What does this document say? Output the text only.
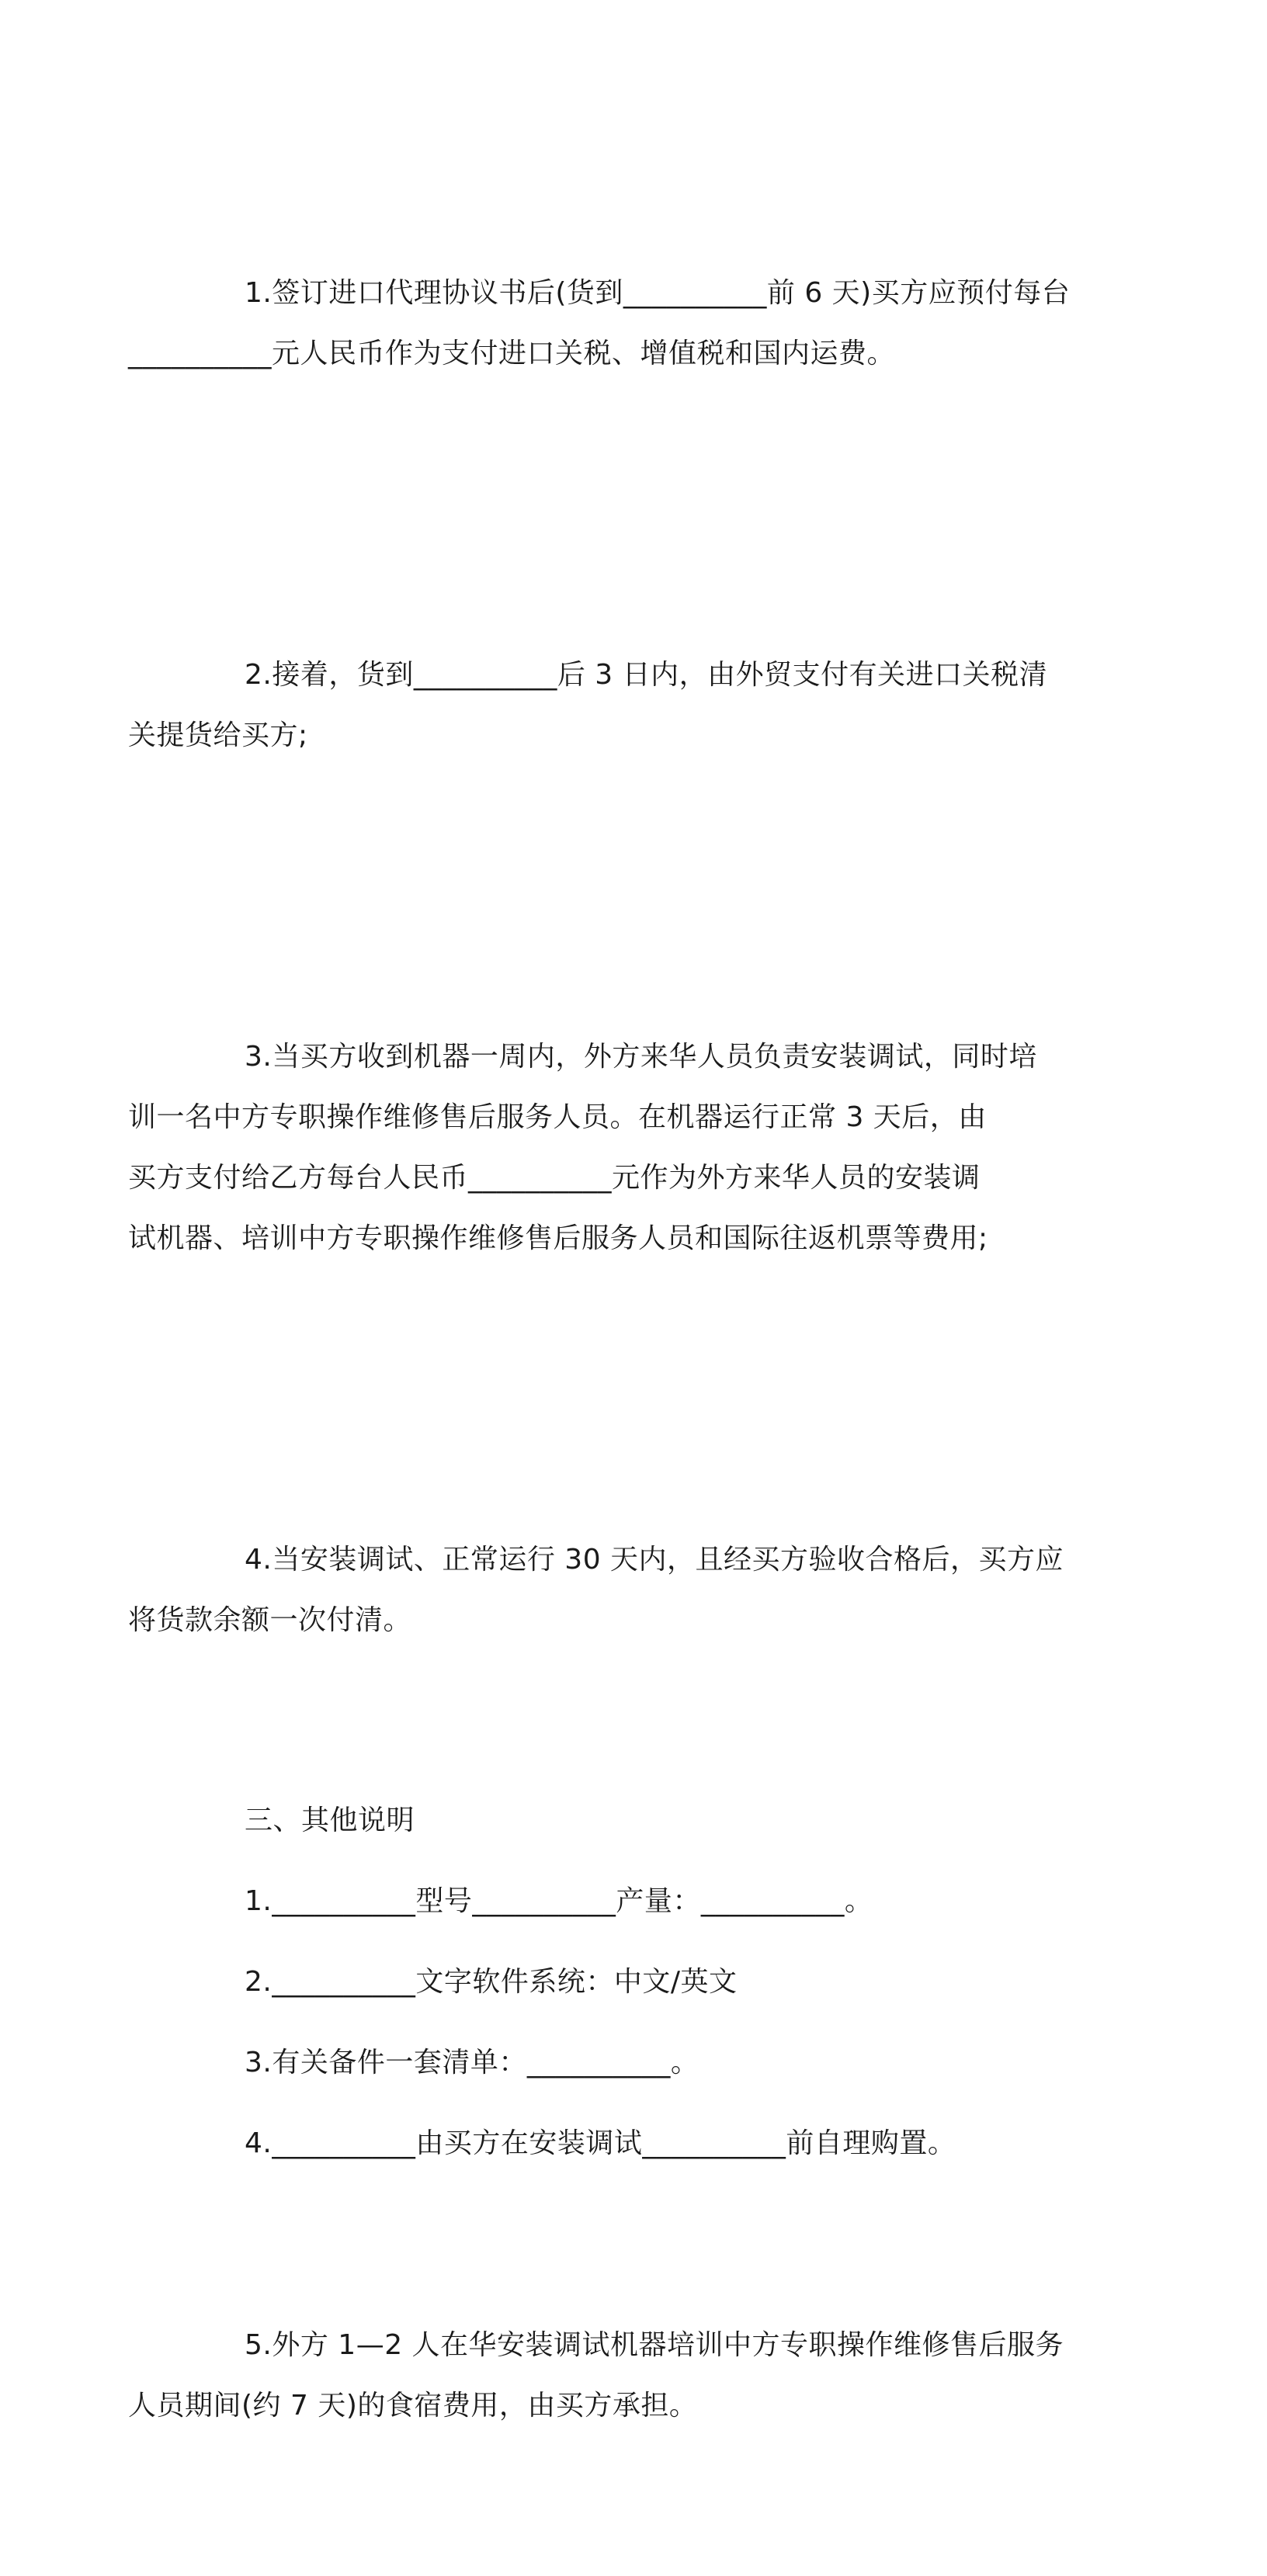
1.签订进口代理协议书后(货到__________前 6 天)买方应预付每台
__________元人民币作为支付进口关税、增值税和国内运费。

2.接着，货到__________后 3 日内，由外贸支付有关进口关税清
关提货给买方;

3.当买方收到机器一周内，外方来华人员负责安装调试，同时培
训一名中方专职操作维修售后服务人员。在机器运行正常 3 天后，由
买方支付给乙方每台人民币__________元作为外方来华人员的安装调
试机器、培训中方专职操作维修售后服务人员和国际往返机票等费用;

4.当安装调试、正常运行 30 天内，且经买方验收合格后，买方应
将货款余额一次付清。

三、其他说明
1.__________型号__________产量：__________。
2.__________文字软件系统：中文/英文
3.有关备件一套清单：__________。
4.__________由买方在安装调试__________前自理购置。

5.外方 1—2 人在华安装调试机器培训中方专职操作维修售后服务
人员期间(约 7 天)的食宿费用，由买方承担。
